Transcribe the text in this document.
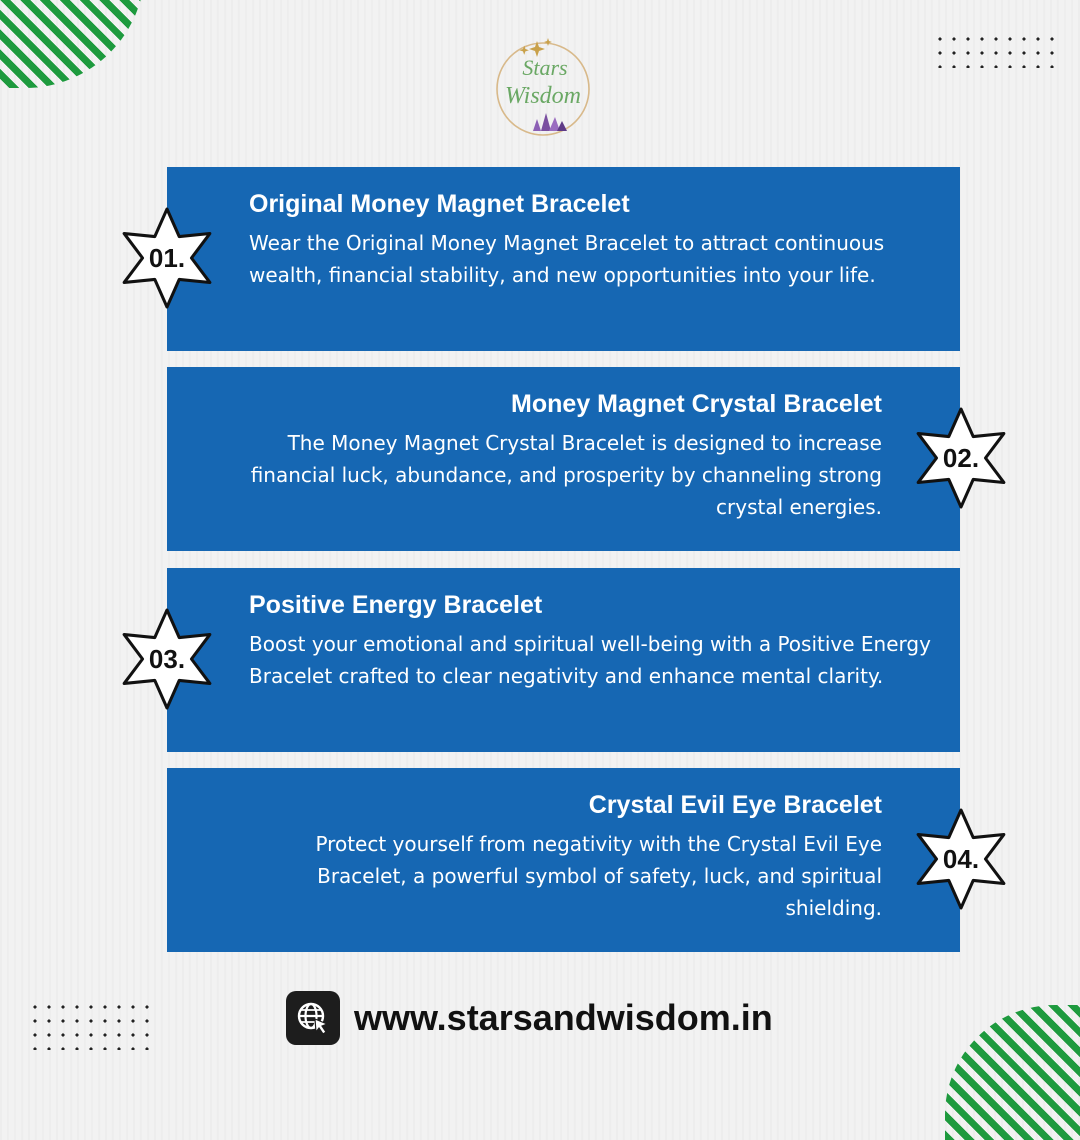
Stars
Wisdom

Original Money Magnet Bracelet

Wear the Original Money Magnet Bracelet to attract continuous wealth, financial stability, and new opportunities into your life.

01.

Money Magnet Crystal Bracelet

The Money Magnet Crystal Bracelet is designed to increase financial luck, abundance, and prosperity by channeling strong crystal energies.

02.

Positive Energy Bracelet

Boost your emotional and spiritual well-being with a Positive Energy Bracelet crafted to clear negativity and enhance mental clarity.

03.

Crystal Evil Eye Bracelet

Protect yourself from negativity with the Crystal Evil Eye Bracelet, a powerful symbol of safety, luck, and spiritual shielding.

04.
www.starsandwisdom.in
